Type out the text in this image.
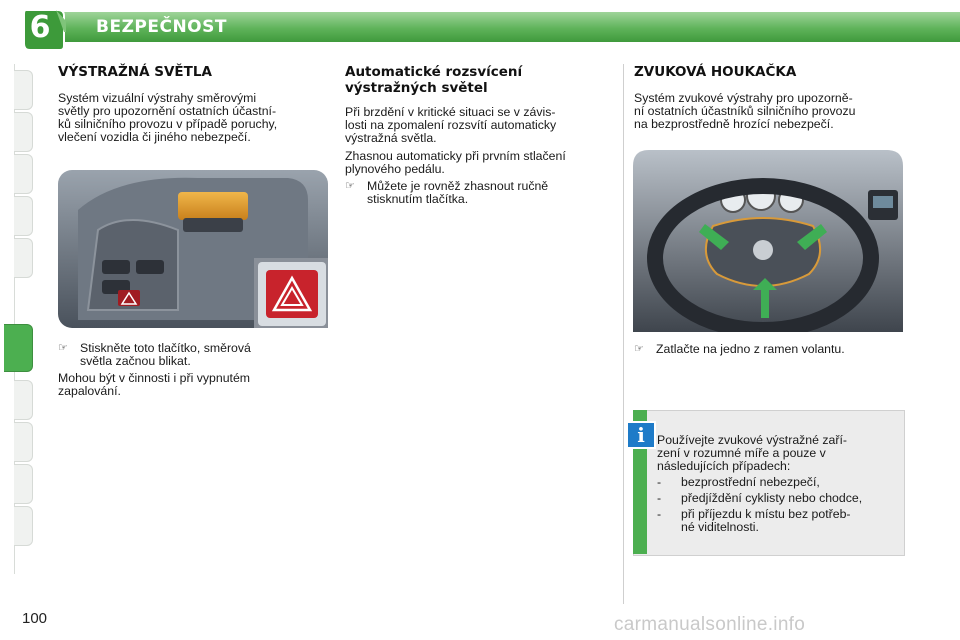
6	BEZPEČNOST
VÝSTRAŽNÁ SVĚTLA

Systém vizuální výstrahy směrovými
světly pro upozornění ostatních účastní-
ků silničního provozu v případě poruchy,
vlečení vozidla či jiného nebezpečí.

☞ Stiskněte toto tlačítko, směrová
světla začnou blikat.

Mohou být v činnosti i při vypnutém
zapalování.

Automatické rozsvícení
výstražných světel

Při brzdění v kritické situaci se v závis-
losti na zpomalení rozsvítí automaticky
výstražná světla.

Zhasnou automaticky při prvním stlačení
plynového pedálu.

☞ Můžete je rovněž zhasnout ručně
stisknutím tlačítka.
ZVUKOVÁ HOUKAČKA

Systém zvukové výstrahy pro upozorně-
ní ostatních účastníků silničního provozu
na bezprostředně hrozící nebezpečí.

☞ Zatlačte na jedno z ramen volantu.
i Používejte zvukové výstražné zaří-
zení v rozumné míře a pouze v
následujících případech:
- bezprostřední nebezpečí,
- předjíždění cyklisty nebo chodce,
- při příjezdu k místu bez potřeb-
né viditelnosti.
100	carmanualsonline.info
